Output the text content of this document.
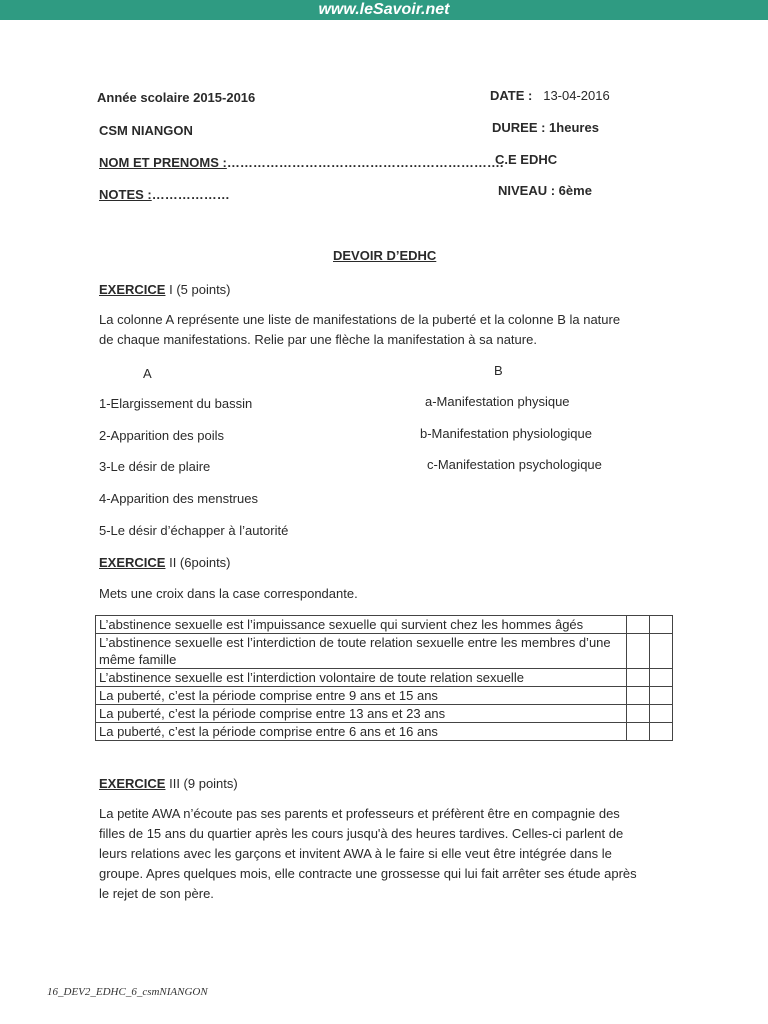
www.leSavoir.net
Année scolaire 2015-2016
CSM NIANGON
NOM ET PRENOMS :……………………………………………………….
NOTES :………………
DATE : 13-04-2016
DUREE : 1heures
C.E EDHC
NIVEAU : 6ème
DEVOIR D’EDHC
EXERCICE I (5 points)
La colonne A représente une liste de manifestations de la puberté et la colonne B la nature
de chaque manifestations. Relie par une flèche la manifestation à sa nature.
A	B
1-Elargissement du bassin
2-Apparition des poils
3-Le désir de plaire
4-Apparition des menstrues
5-Le désir d’échapper à l’autorité
a-Manifestation physique
b-Manifestation physiologique
c-Manifestation psychologique
EXERCICE II (6points)
Mets une croix dans la case correspondante.
L’abstinence sexuelle est l’impuissance sexuelle qui survient chez les hommes âgés		
L’abstinence sexuelle est l’interdiction de toute relation sexuelle entre les membres d’une même famille		
L’abstinence sexuelle est l’interdiction volontaire de toute relation sexuelle		
La puberté, c’est la période comprise entre 9 ans et 15 ans		
La puberté, c’est la période comprise entre 13 ans et 23 ans		
La puberté, c’est la période comprise entre 6 ans et 16 ans		
EXERCICE III (9 points)
La petite AWA n’écoute pas ses parents et professeurs et préfèrent être en compagnie des
filles de 15 ans du quartier après les cours jusqu'à des heures tardives. Celles-ci parlent de
leurs relations avec les garçons et invitent AWA à le faire si elle veut être intégrée dans le
groupe. Apres quelques mois, elle contracte une grossesse qui lui fait arrêter ses étude après
le rejet de son père.
16_DEV2_EDHC_6_csmNIANGON
